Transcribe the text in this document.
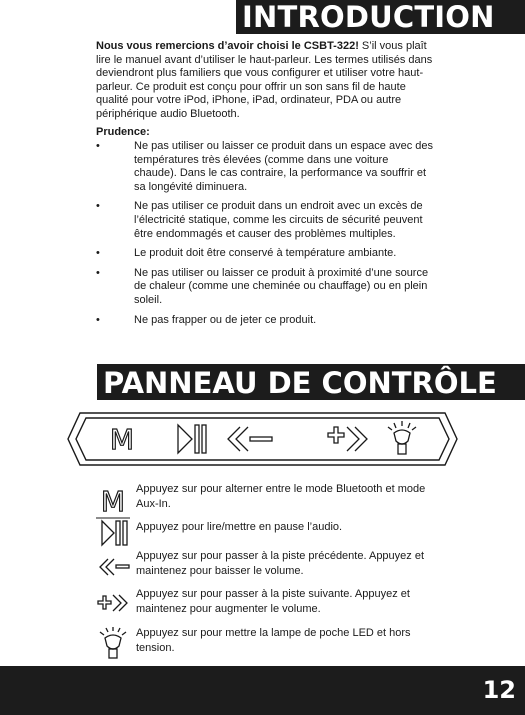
INTRODUCTION
Nous vous remercions d’avoir choisi le CSBT-322! S’il vous plaît lire le manuel avant d’utiliser le haut-parleur. Les termes utilisés dans deviendront plus familiers que vous configurer et utiliser votre haut-parleur. Ce produit est conçu pour offrir un son sans fil de haute qualité pour votre iPod, iPhone, iPad, ordinateur, PDA ou autre périphérique audio Bluetooth.
Prudence:
•	Ne pas utiliser ou laisser ce produit dans un espace avec des températures très élevées (comme dans une voiture chaude). Dans le cas contraire, la performance va souffrir et sa longévité diminuera.
•	Ne pas utiliser ce produit dans un endroit avec un excès de l’électricité statique, comme les circuits de sécurité peuvent être endommagés et causer des problèmes multiples.
•	Le produit doit être conservé à température ambiante.
•	Ne pas utiliser ou laisser ce produit à proximité d’une source de chaleur (comme une cheminée ou chauffage) ou en plein soleil.
•	Ne pas frapper ou de jeter ce produit.
PANNEAU DE CONTRÔLE
M
M Appuyez sur pour alterner entre le mode Bluetooth et mode Aux-In.
Appuyez pour lire/mettre en pause l’audio.
Appuyez sur pour passer à la piste précédente. Appuyez et maintenez pour baisser le volume.
Appuyez sur pour passer à la piste suivante. Appuyez et maintenez pour augmenter le volume.
Appuyez sur pour mettre la lampe de poche LED et hors tension.
12
